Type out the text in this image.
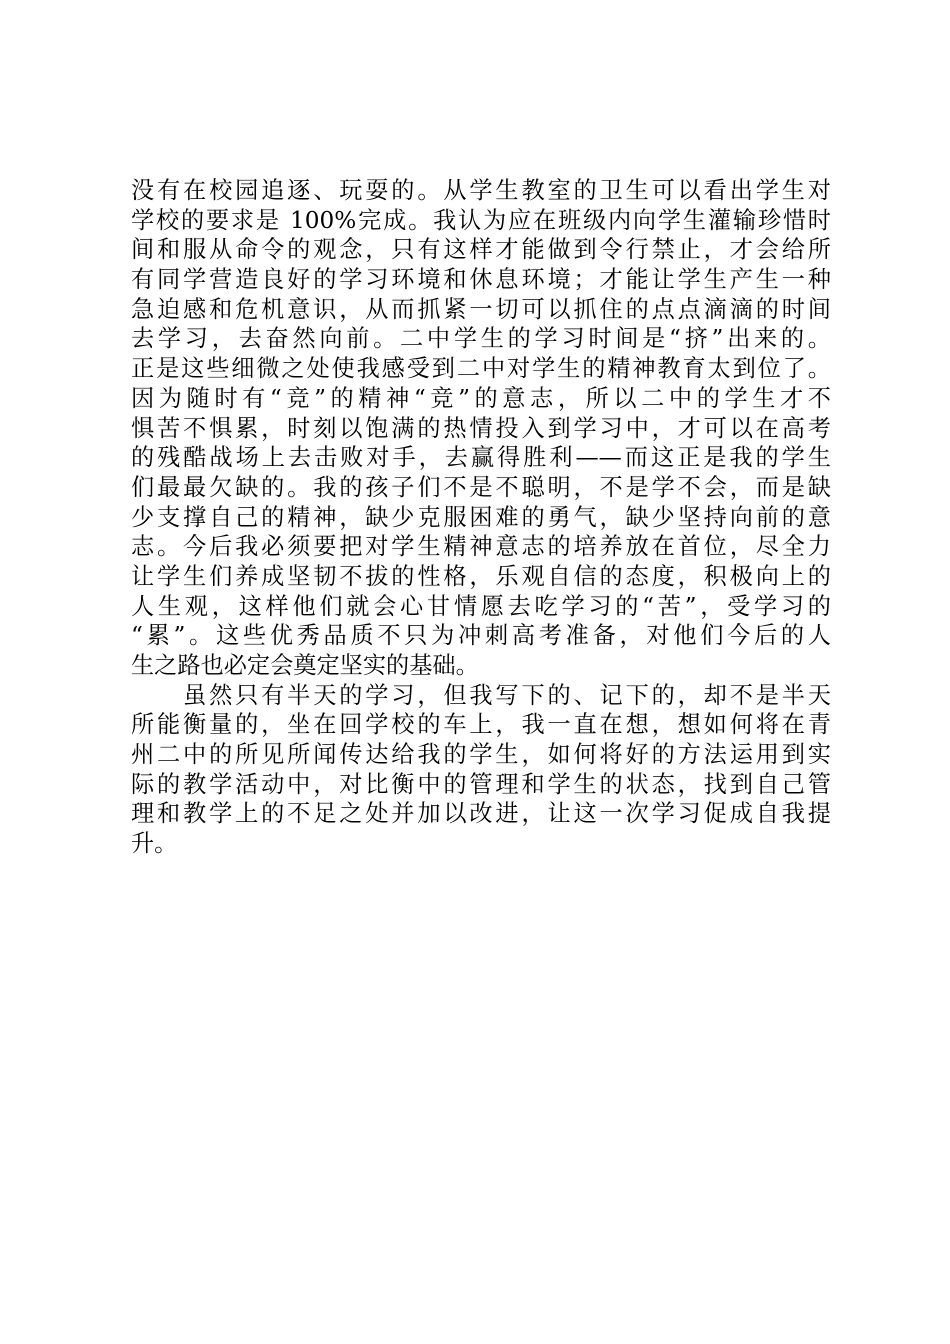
没有在校园追逐、玩耍的。从学生教室的卫生可以看出学生对
学校的要求是 100%完成。我认为应在班级内向学生灌输珍惜时
间和服从命令的观念，只有这样才能做到令行禁止，才会给所
有同学营造良好的学习环境和休息环境；才能让学生产生一种
急迫感和危机意识，从而抓紧一切可以抓住的点点滴滴的时间
去学习，去奋然向前。二中学生的学习时间是“挤”出来的。
正是这些细微之处使我感受到二中对学生的精神教育太到位了。
因为随时有“竞”的精神“竞”的意志，所以二中的学生才不
惧苦不惧累，时刻以饱满的热情投入到学习中，才可以在高考
的残酷战场上去击败对手，去赢得胜利——而这正是我的学生
们最最欠缺的。我的孩子们不是不聪明，不是学不会，而是缺
少支撑自己的精神，缺少克服困难的勇气，缺少坚持向前的意
志。今后我必须要把对学生精神意志的培养放在首位，尽全力
让学生们养成坚韧不拔的性格，乐观自信的态度，积极向上的
人生观，这样他们就会心甘情愿去吃学习的“苦”，受学习的
“累”。这些优秀品质不只为冲刺高考准备，对他们今后的人
生之路也必定会奠定坚实的基础。
　　虽然只有半天的学习，但我写下的、记下的，却不是半天
所能衡量的，坐在回学校的车上，我一直在想，想如何将在青
州二中的所见所闻传达给我的学生，如何将好的方法运用到实
际的教学活动中，对比衡中的管理和学生的状态，找到自己管
理和教学上的不足之处并加以改进，让这一次学习促成自我提
升。
